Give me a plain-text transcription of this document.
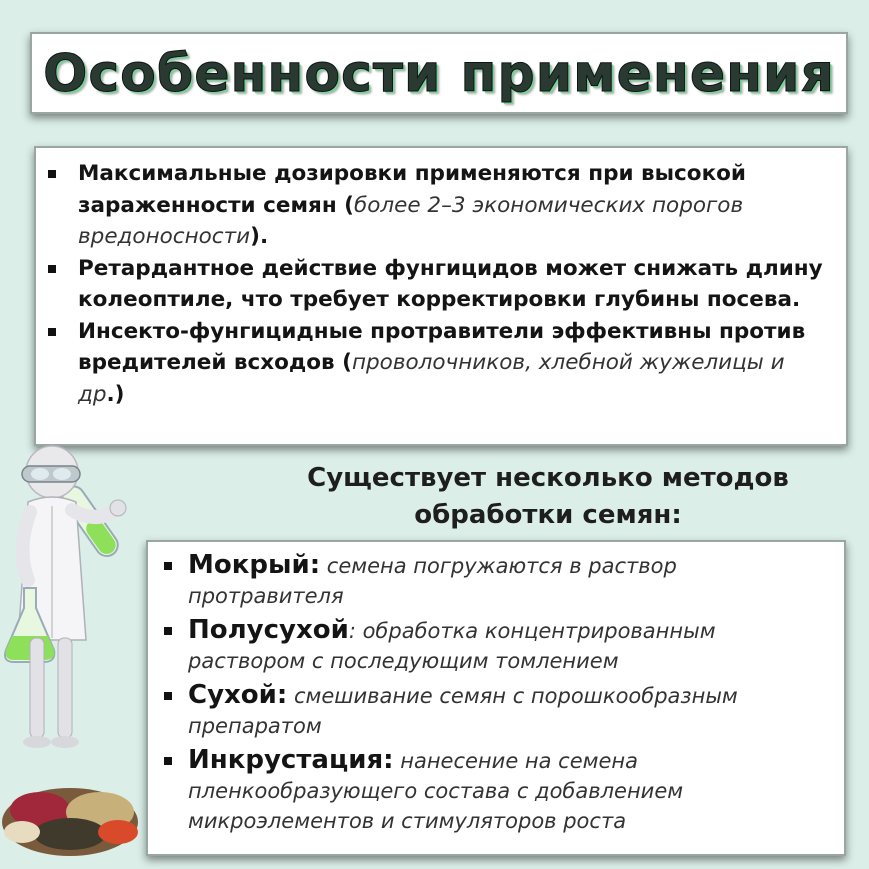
Особенности применения
Максимальные дозировки применяются при высокой зараженности семян (более 2–3 экономических порогов вредоносности).
Ретардантное действие фунгицидов может снижать длину колеоптиле, что требует корректировки глубины посева.
Инсекто-фунгицидные протравители эффективны против вредителей всходов (проволочников, хлебной жужелицы и др.)
Существует несколько методов обработки семян:
Мокрый: семена погружаются в раствор протравителя
Полусухой: обработка концентрированным раствором с последующим томлением
Сухой: смешивание семян с порошкообразным препаратом
Инкрустация: нанесение на семена пленкообразующего состава с добавлением микроэлементов и стимуляторов роста
